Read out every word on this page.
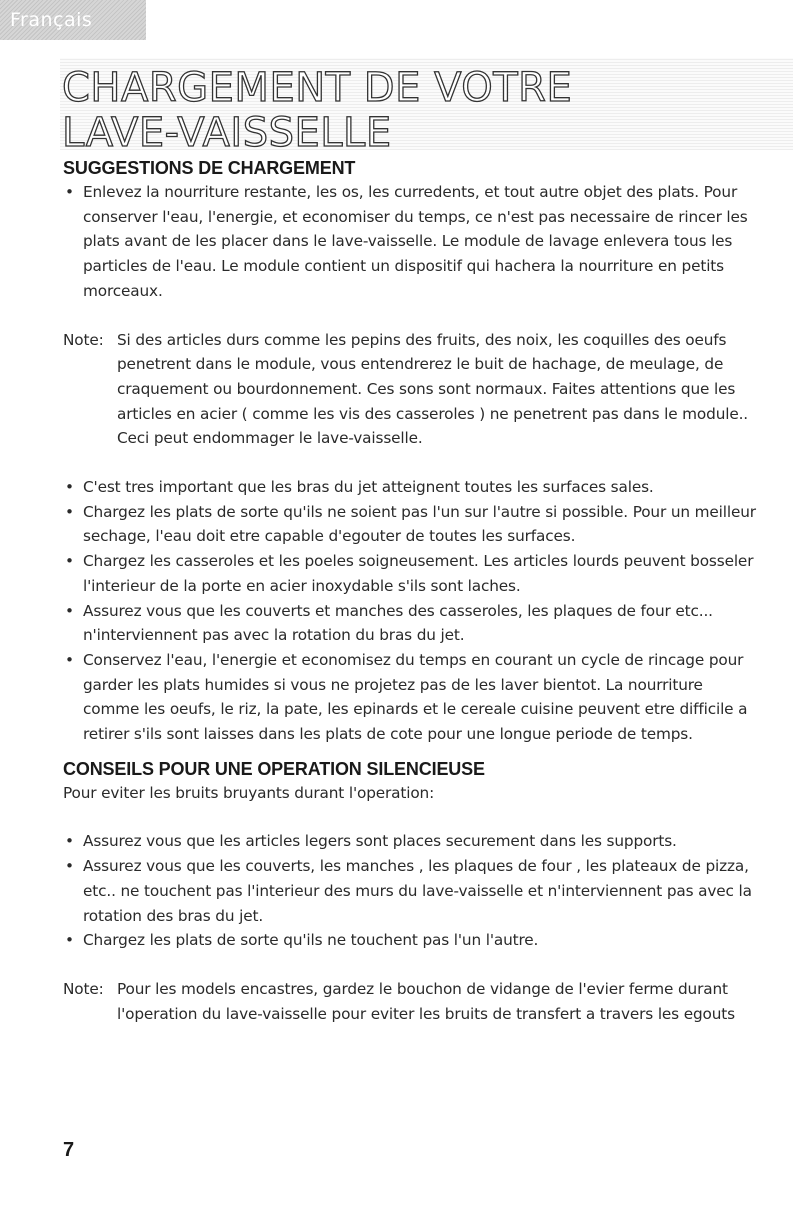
Français
CHARGEMENT DE VOTRE LAVE-VAISSELLE
SUGGESTIONS DE CHARGEMENT
• Enlevez la nourriture restante, les os, les curredents, et tout autre objet des plats. Pour conserver l'eau, l'energie, et economiser du temps, ce n'est pas necessaire de rincer les plats avant de les placer dans le lave-vaisselle. Le module de lavage enlevera tous les particles de l'eau. Le module contient un dispositif qui hachera la nourriture en petits morceaux.
Note: Si des articles durs comme les pepins des fruits, des noix, les coquilles des oeufs penetrent dans le module, vous entendrerez le buit de hachage, de meulage, de craquement ou bourdonnement. Ces sons sont normaux. Faites attentions que les articles en acier ( comme les vis des casseroles ) ne penetrent pas dans le module.. Ceci peut endommager le lave-vaisselle.
• C'est tres important que les bras du jet atteignent toutes les surfaces sales.
• Chargez les plats de sorte qu'ils ne soient pas l'un sur l'autre si possible. Pour un meilleur sechage, l'eau doit etre capable d'egouter de toutes les surfaces.
• Chargez les casseroles et les poeles soigneusement. Les articles lourds peuvent bosseler l'interieur de la porte en acier inoxydable s'ils sont laches.
• Assurez vous que les couverts et manches des casseroles, les plaques de four etc... n'interviennent pas avec la rotation du bras du jet.
• Conservez l'eau, l'energie et economisez du temps en courant un cycle de rincage pour garder les plats humides si vous ne projetez pas de les laver bientot. La nourriture comme les oeufs, le riz, la pate, les epinards et le cereale cuisine peuvent etre difficile a retirer s'ils sont laisses dans les plats de cote pour une longue periode de temps.
CONSEILS POUR UNE OPERATION SILENCIEUSE

Pour eviter les bruits bruyants durant l'operation:

• Assurez vous que les articles legers sont places securement dans les supports.
• Assurez vous que les couverts, les manches , les plaques de four , les plateaux de pizza, etc.. ne touchent pas l'interieur des murs du lave-vaisselle et n'interviennent pas avec la rotation des bras du jet.
• Chargez les plats de sorte qu'ils ne touchent pas l'un l'autre.
Note: Pour les models encastres, gardez le bouchon de vidange de l'evier ferme durant l'operation du lave-vaisselle pour eviter les bruits de transfert a travers les egouts
7
